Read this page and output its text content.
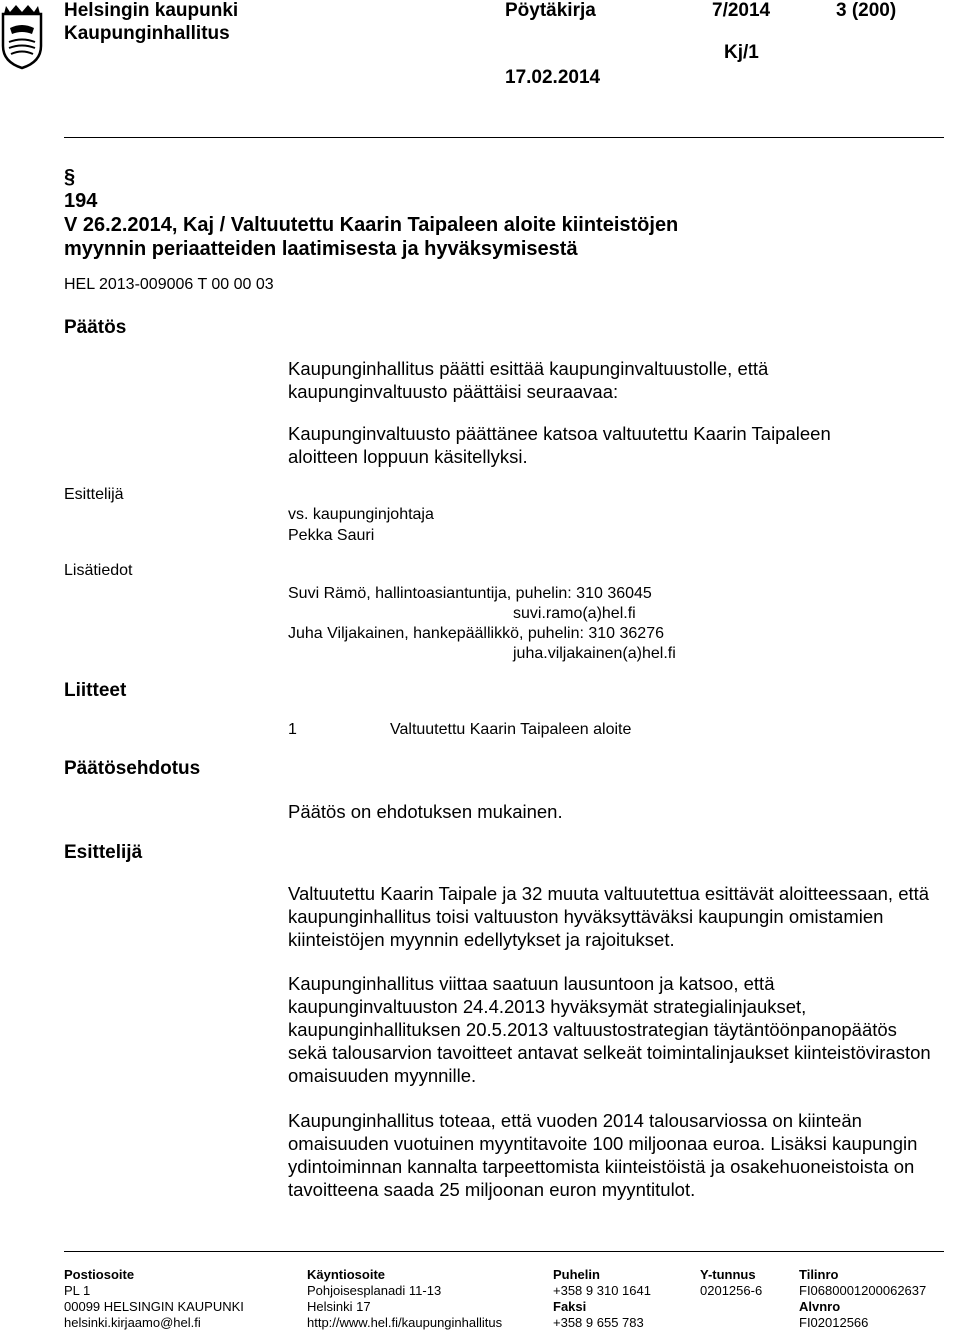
Helsingin kaupunki
Kaupunginhallitus
Pöytäkirja	7/2014	3 (200)
Kj/1
17.02.2014
§
194
V 26.2.2014, Kaj / Valtuutettu Kaarin Taipaleen aloite kiinteistöjen
myynnin periaatteiden laatimisesta ja hyväksymisestä
HEL 2013-009006 T 00 00 03
Päätös
Kaupunginhallitus päätti esittää kaupunginvaltuustolle, että
kaupunginvaltuusto päättäisi seuraavaa:
Kaupunginvaltuusto päättänee katsoa valtuutettu Kaarin Taipaleen
aloitteen loppuun käsitellyksi.
Esittelijä
vs. kaupunginjohtaja
Pekka Sauri
Lisätiedot
Suvi Rämö, hallintoasiantuntija, puhelin: 310 36045
suvi.ramo(a)hel.fi
Juha Viljakainen, hankepäällikkö, puhelin: 310 36276
juha.viljakainen(a)hel.fi
Liitteet
1	Valtuutettu Kaarin Taipaleen aloite
Päätösehdotus
Päätös on ehdotuksen mukainen.
Esittelijä
Valtuutettu Kaarin Taipale ja 32 muuta valtuutettua esittävät aloitteessaan, että kaupunginhallitus toisi valtuuston hyväksyttäväksi kaupungin omistamien kiinteistöjen myynnin edellytykset ja rajoitukset.
Kaupunginhallitus viittaa saatuun lausuntoon ja katsoo, että kaupunginvaltuuston 24.4.2013 hyväksymät strategialinjaukset, kaupunginhallituksen 20.5.2013 valtuustostrategian täytäntöönpanopäätös sekä talousarvion tavoitteet antavat selkeät toimintalinjaukset kiinteistöviraston omaisuuden myynnille.
Kaupunginhallitus toteaa, että vuoden 2014 talousarviossa on kiinteän omaisuuden vuotuinen myyntitavoite 100 miljoonaa euroa. Lisäksi kaupungin ydintoiminnan kannalta tarpeettomista kiinteistöistä ja osakehuoneistoista on tavoitteena saada 25 miljoonan euron myyntitulot.
Postiosoite
PL 1
00099 HELSINGIN KAUPUNKI
helsinki.kirjaamo@hel.fi
Käyntiosoite
Pohjoisesplanadi 11-13
Helsinki 17
http://www.hel.fi/kaupunginhallitus
Puhelin
+358 9 310 1641
Faksi
+358 9 655 783
Y-tunnus
0201256-6
Tilinro
FI0680001200062637
Alvnro
FI02012566
